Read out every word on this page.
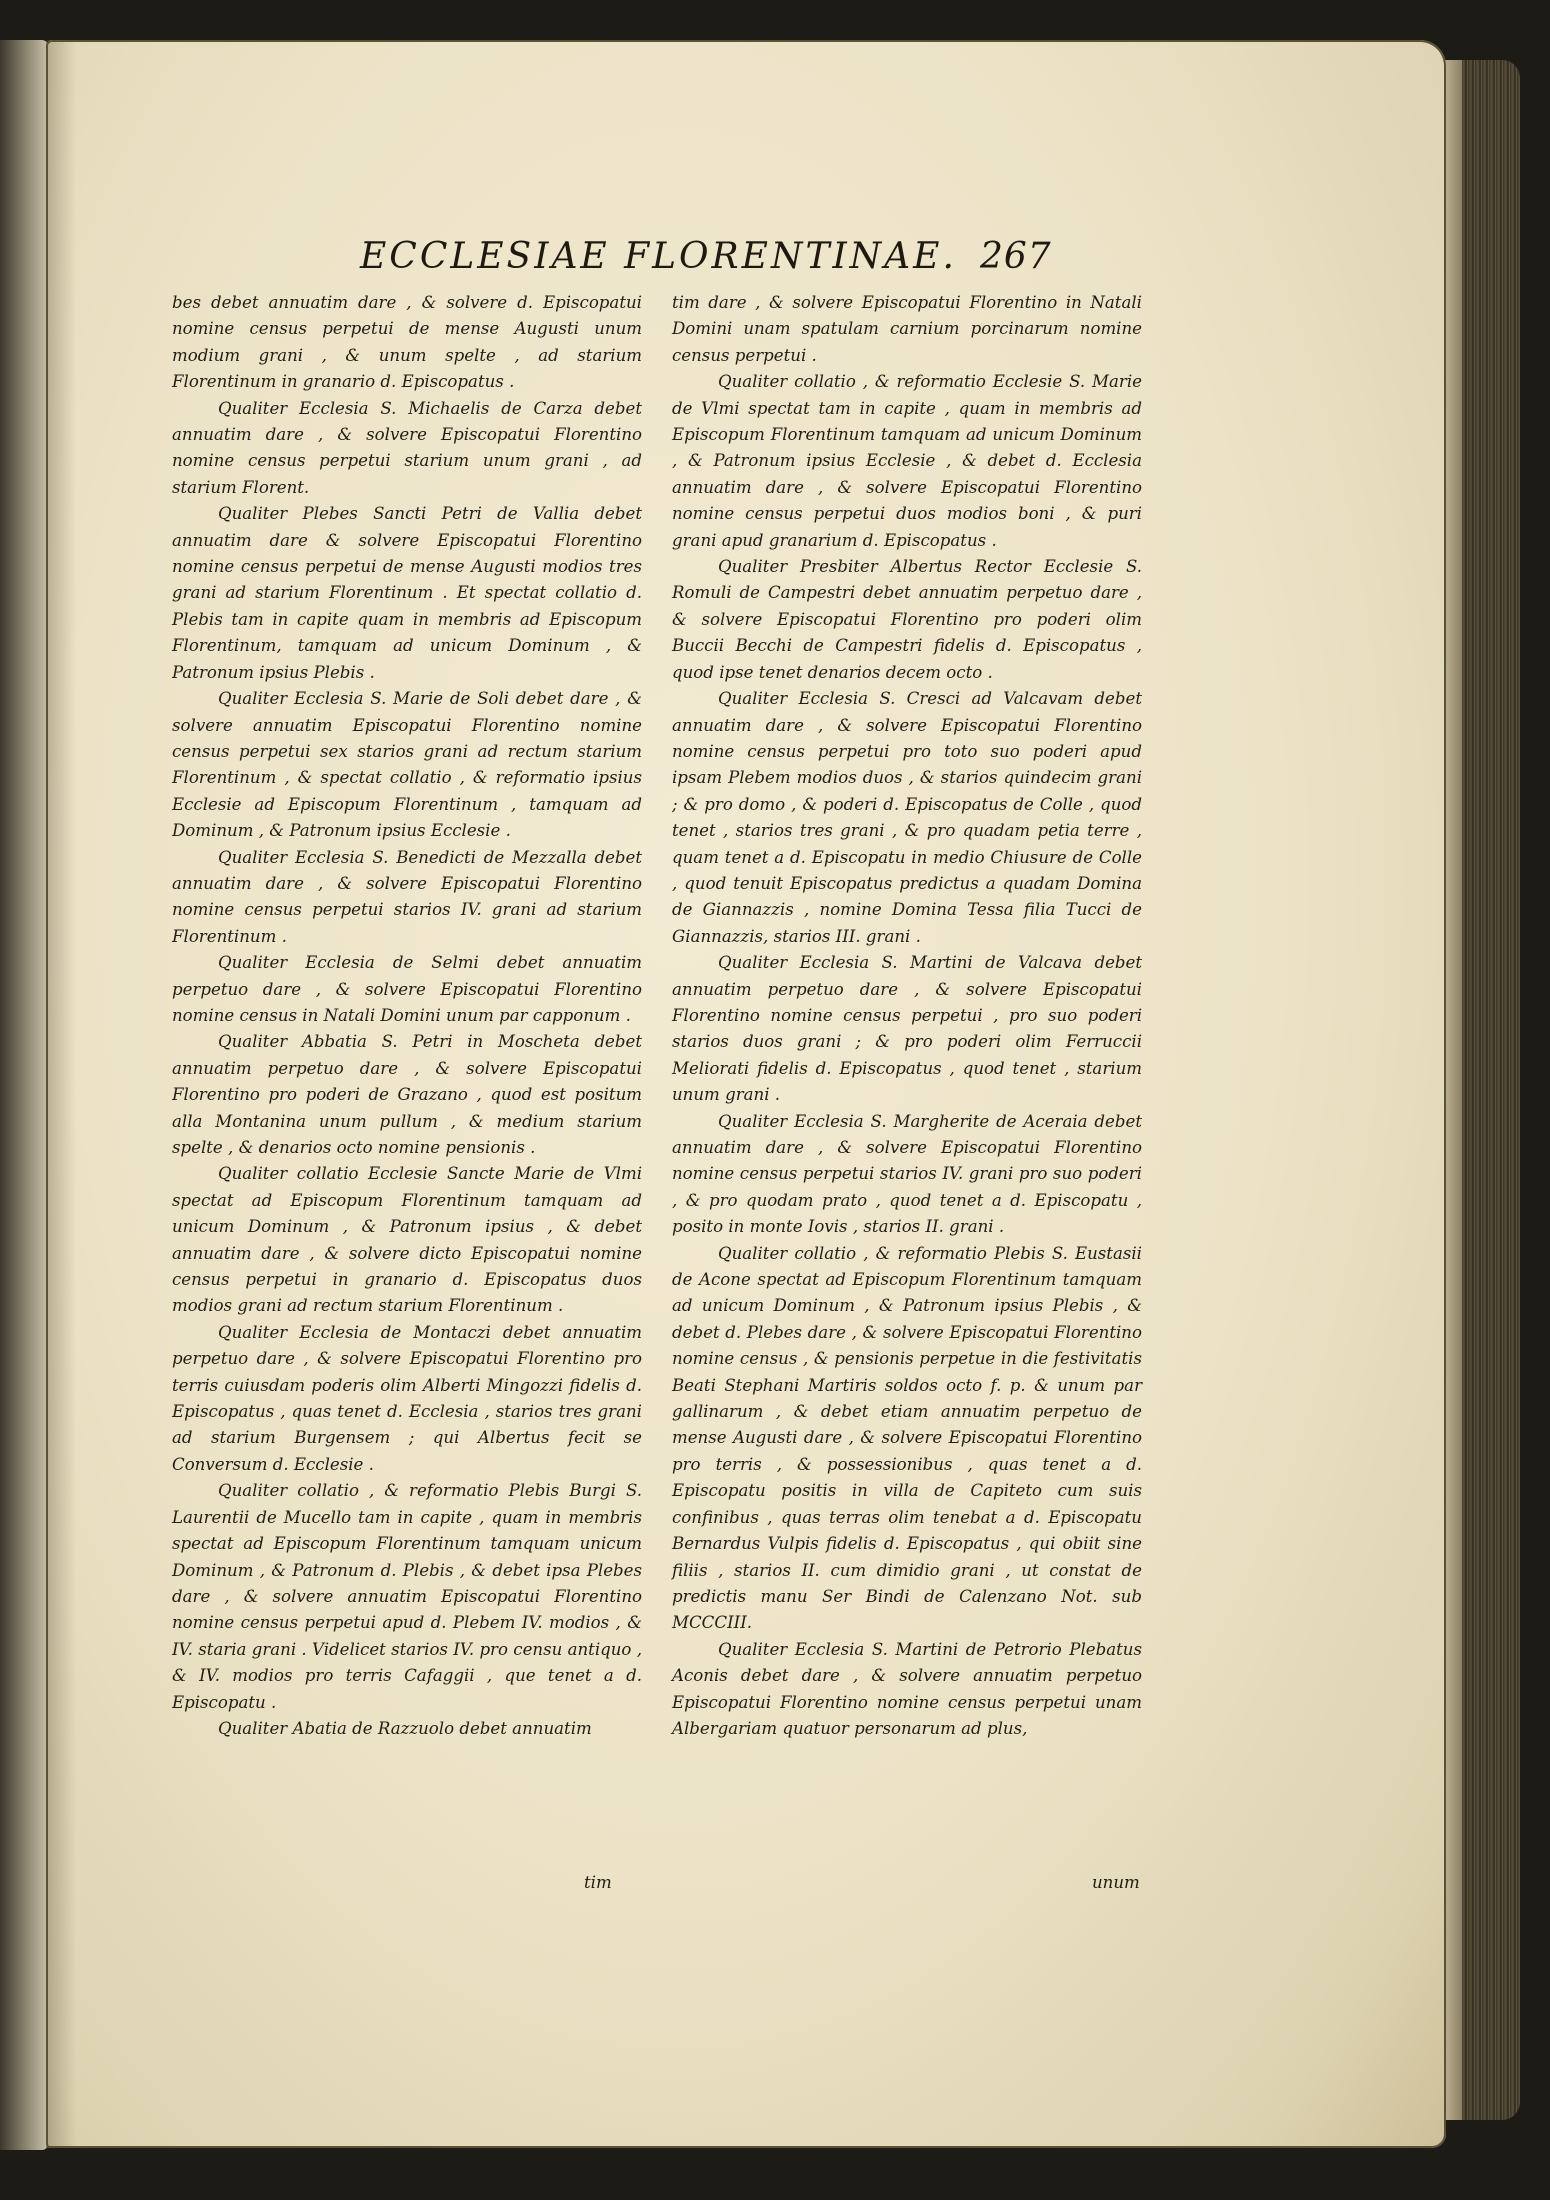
ECCLESIAE FLORENTINAE. 267

bes debet annuatim dare , & solvere d. Episcopatui nomine census perpetui de mense Augusti unum modium grani , & unum spelte , ad starium Florentinum in granario d. Episcopatus .

Qualiter Ecclesia S. Michaelis de Carza debet annuatim dare , & solvere Episcopatui Florentino nomine census perpetui starium unum grani , ad starium Florent.

Qualiter Plebes Sancti Petri de Vallia debet annuatim dare & solvere Episcopatui Florentino nomine census perpetui de mense Augusti modios tres grani ad starium Florentinum . Et spectat collatio d. Plebis tam in capite quam in membris ad Episcopum Florentinum, tamquam ad unicum Dominum , & Patronum ipsius Plebis .

Qualiter Ecclesia S. Marie de Soli debet dare , & solvere annuatim Episcopatui Florentino nomine census perpetui sex starios grani ad rectum starium Florentinum , & spectat collatio , & reformatio ipsius Ecclesie ad Episcopum Florentinum , tamquam ad Dominum , & Patronum ipsius Ecclesie .

Qualiter Ecclesia S. Benedicti de Mezzalla debet annuatim dare , & solvere Episcopatui Florentino nomine census perpetui starios IV. grani ad starium Florentinum .

Qualiter Ecclesia de Selmi debet annuatim perpetuo dare , & solvere Episcopatui Florentino nomine census in Natali Domini unum par capponum .

Qualiter Abbatia S. Petri in Moscheta debet annuatim perpetuo dare , & solvere Episcopatui Florentino pro poderi de Grazano , quod est positum alla Montanina unum pullum , & medium starium spelte , & denarios octo nomine pensionis .

Qualiter collatio Ecclesie Sancte Marie de Vlmi spectat ad Episcopum Florentinum tamquam ad unicum Dominum , & Patronum ipsius , & debet annuatim dare , & solvere dicto Episcopatui nomine census perpetui in granario d. Episcopatus duos modios grani ad rectum starium Florentinum .

Qualiter Ecclesia de Montaczi debet annuatim perpetuo dare , & solvere Episcopatui Florentino pro terris cuiusdam poderis olim Alberti Mingozzi fidelis d. Episcopatus , quas tenet d. Ecclesia , starios tres grani ad starium Burgensem ; qui Albertus fecit se Conversum d. Ecclesie .

Qualiter collatio , & reformatio Plebis Burgi S. Laurentii de Mucello tam in capite , quam in membris spectat ad Episcopum Florentinum tamquam unicum Dominum , & Patronum d. Plebis , & debet ipsa Plebes dare , & solvere annuatim Episcopatui Florentino nomine census perpetui apud d. Plebem IV. modios , & IV. staria grani . Videlicet starios IV. pro censu antiquo , & IV. modios pro terris Cafaggii , que tenet a d. Episcopatu .

Qualiter Abatia de Razzuolo debet annuatim

tim dare , & solvere Episcopatui Florentino in Natali Domini unam spatulam carnium porcinarum nomine census perpetui .

Qualiter collatio , & reformatio Ecclesie S. Marie de Vlmi spectat tam in capite , quam in membris ad Episcopum Florentinum tamquam ad unicum Dominum , & Patronum ipsius Ecclesie , & debet d. Ecclesia annuatim dare , & solvere Episcopatui Florentino nomine census perpetui duos modios boni , & puri grani apud granarium d. Episcopatus .

Qualiter Presbiter Albertus Rector Ecclesie S. Romuli de Campestri debet annuatim perpetuo dare , & solvere Episcopatui Florentino pro poderi olim Buccii Becchi de Campestri fidelis d. Episcopatus , quod ipse tenet denarios decem octo .

Qualiter Ecclesia S. Cresci ad Valcavam debet annuatim dare , & solvere Episcopatui Florentino nomine census perpetui pro toto suo poderi apud ipsam Plebem modios duos , & starios quindecim grani ; & pro domo , & poderi d. Episcopatus de Colle , quod tenet , starios tres grani , & pro quadam petia terre , quam tenet a d. Episcopatu in medio Chiusure de Colle , quod tenuit Episcopatus predictus a quadam Domina de Giannazzis , nomine Domina Tessa filia Tucci de Giannazzis, starios III. grani .

Qualiter Ecclesia S. Martini de Valcava debet annuatim perpetuo dare , & solvere Episcopatui Florentino nomine census perpetui , pro suo poderi starios duos grani ; & pro poderi olim Ferruccii Meliorati fidelis d. Episcopatus , quod tenet , starium unum grani .

Qualiter Ecclesia S. Margherite de Aceraia debet annuatim dare , & solvere Episcopatui Florentino nomine census perpetui starios IV. grani pro suo poderi , & pro quodam prato , quod tenet a d. Episcopatu , posito in monte Iovis , starios II. grani .

Qualiter collatio , & reformatio Plebis S. Eustasii de Acone spectat ad Episcopum Florentinum tamquam ad unicum Dominum , & Patronum ipsius Plebis , & debet d. Plebes dare , & solvere Episcopatui Florentino nomine census , & pensionis perpetue in die festivitatis Beati Stephani Martiris soldos octo f. p. & unum par gallinarum , & debet etiam annuatim perpetuo de mense Augusti dare , & solvere Episcopatui Florentino pro terris , & possessionibus , quas tenet a d. Episcopatu positis in villa de Capiteto cum suis confinibus , quas terras olim tenebat a d. Episcopatu Bernardus Vulpis fidelis d. Episcopatus , qui obiit sine filiis , starios II. cum dimidio grani , ut constat de predictis manu Ser Bindi de Calenzano Not. sub MCCCIII.

Qualiter Ecclesia S. Martini de Petrorio Plebatus Aconis debet dare , & solvere annuatim perpetuo Episcopatui Florentino nomine census perpetui unam Albergariam quatuor personarum ad plus,

tim	unum
